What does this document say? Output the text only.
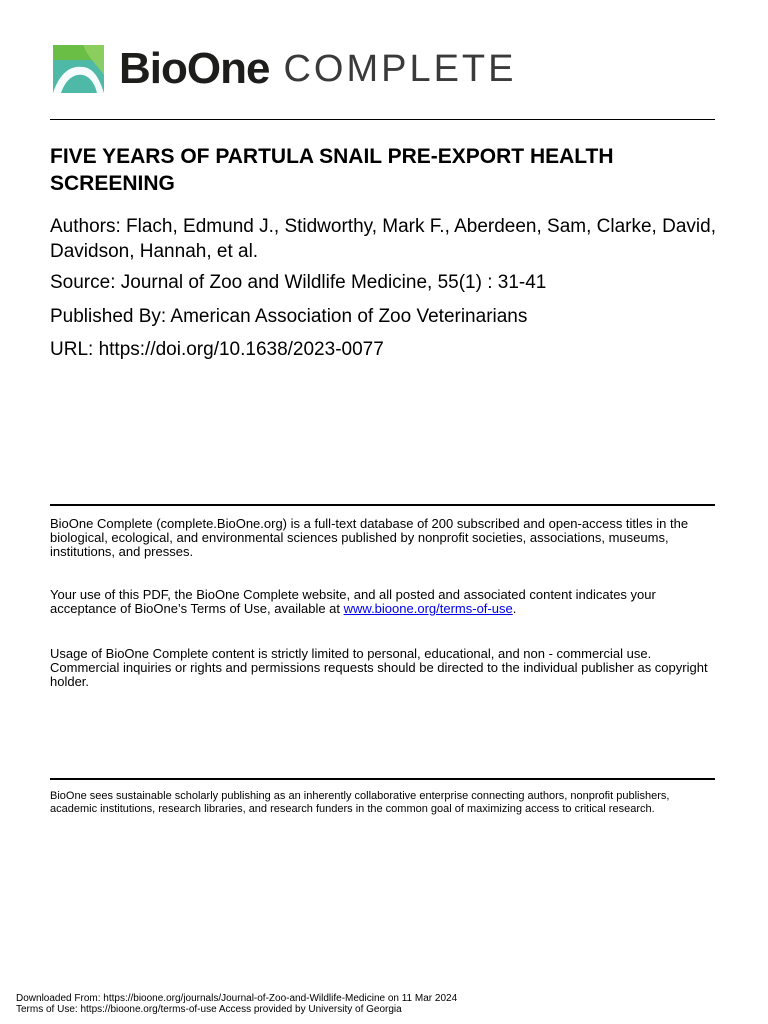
BioOne COMPLETE
FIVE YEARS OF PARTULA SNAIL PRE-EXPORT HEALTH SCREENING

Authors: Flach, Edmund J., Stidworthy, Mark F., Aberdeen, Sam, Clarke, David, Davidson, Hannah, et al.

Source: Journal of Zoo and Wildlife Medicine, 55(1) : 31-41

Published By: American Association of Zoo Veterinarians

URL: https://doi.org/10.1638/2023-0077

BioOne Complete (complete.BioOne.org) is a full-text database of 200 subscribed and open-access titles in the biological, ecological, and environmental sciences published by nonprofit societies, associations, museums, institutions, and presses.

Your use of this PDF, the BioOne Complete website, and all posted and associated content indicates your acceptance of BioOne’s Terms of Use, available at www.bioone.org/terms-of-use.

Usage of BioOne Complete content is strictly limited to personal, educational, and non - commercial use. Commercial inquiries or rights and permissions requests should be directed to the individual publisher as copyright holder.

BioOne sees sustainable scholarly publishing as an inherently collaborative enterprise connecting authors, nonprofit publishers, academic institutions, research libraries, and research funders in the common goal of maximizing access to critical research.

Downloaded From: https://bioone.org/journals/Journal-of-Zoo-and-Wildlife-Medicine on 11 Mar 2024
Terms of Use: https://bioone.org/terms-of-use Access provided by University of Georgia
